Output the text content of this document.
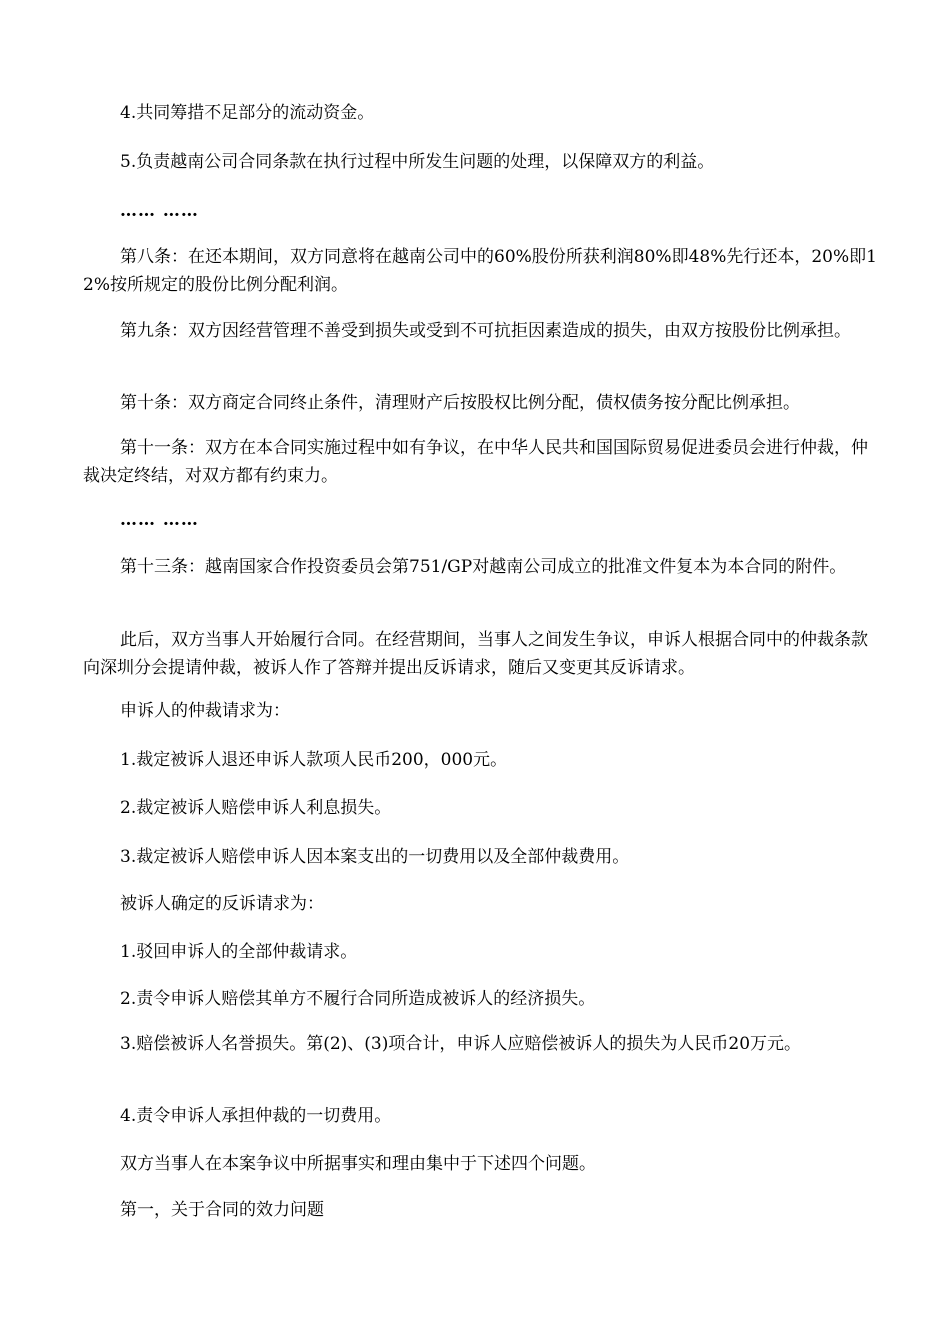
4.共同筹措不足部分的流动资金。

5.负责越南公司合同条款在执行过程中所发生问题的处理，以保障双方的利益。

…… ……

第八条：在还本期间，双方同意将在越南公司中的60%股份所获利润80%即48%先行还本，20%即12%按所规定的股份比例分配利润。

第九条：双方因经营管理不善受到损失或受到不可抗拒因素造成的损失，由双方按股份比例承担。

第十条：双方商定合同终止条件，清理财产后按股权比例分配，债权债务按分配比例承担。

第十一条：双方在本合同实施过程中如有争议，在中华人民共和国国际贸易促进委员会进行仲裁，仲裁决定终结，对双方都有约束力。

…… ……

第十三条：越南国家合作投资委员会第751/GP对越南公司成立的批准文件复本为本合同的附件。

此后，双方当事人开始履行合同。在经营期间，当事人之间发生争议，申诉人根据合同中的仲裁条款向深圳分会提请仲裁，被诉人作了答辩并提出反诉请求，随后又变更其反诉请求。

申诉人的仲裁请求为：

1.裁定被诉人退还申诉人款项人民币200，000元。

2.裁定被诉人赔偿申诉人利息损失。

3.裁定被诉人赔偿申诉人因本案支出的一切费用以及全部仲裁费用。

被诉人确定的反诉请求为：

1.驳回申诉人的全部仲裁请求。

2.责令申诉人赔偿其单方不履行合同所造成被诉人的经济损失。

3.赔偿被诉人名誉损失。第(2)、(3)项合计，申诉人应赔偿被诉人的损失为人民币20万元。

4.责令申诉人承担仲裁的一切费用。

双方当事人在本案争议中所据事实和理由集中于下述四个问题。

第一，关于合同的效力问题
